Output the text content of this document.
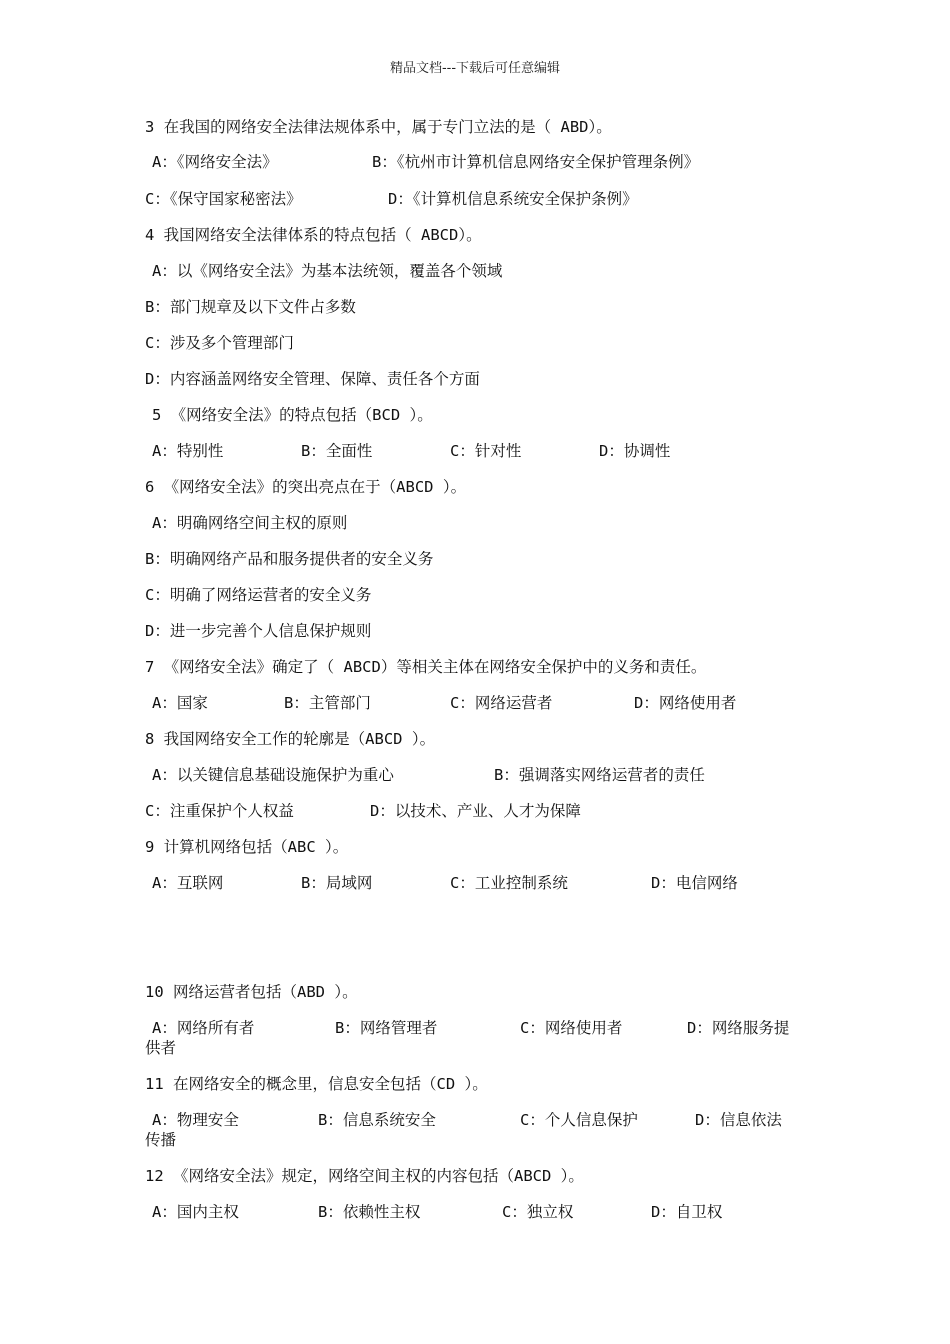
精品文档---下载后可任意编辑
3 在我国的网络安全法律法规体系中，属于专门立法的是（ ABD）。
A：《网络安全法》	B：《杭州市计算机信息网络安全保护管理条例》
C：《保守国家秘密法》	D：《计算机信息系统安全保护条例》
4 我国网络安全法律体系的特点包括（ ABCD）。
A：以《网络安全法》为基本法统领，覆盖各个领域
B：部门规章及以下文件占多数
C：涉及多个管理部门
D：内容涵盖网络安全管理、保障、责任各个方面
5 《网络安全法》的特点包括（BCD ）。
A：特别性	B：全面性	C：针对性	D：协调性
6 《网络安全法》的突出亮点在于（ABCD ）。
A：明确网络空间主权的原则
B：明确网络产品和服务提供者的安全义务
C：明确了网络运营者的安全义务
D：进一步完善个人信息保护规则
7 《网络安全法》确定了（ ABCD）等相关主体在网络安全保护中的义务和责任。
A：国家	B：主管部门	C：网络运营者	D：网络使用者
8 我国网络安全工作的轮廓是（ABCD ）。
A：以关键信息基础设施保护为重心	B：强调落实网络运营者的责任
C：注重保护个人权益	D：以技术、产业、人才为保障
9 计算机网络包括（ABC ）。
A：互联网	B：局域网	C：工业控制系统	D：电信网络
10 网络运营者包括（ABD ）。
A：网络所有者	B：网络管理者	C：网络使用者	D：网络服务提
供者
11 在网络安全的概念里，信息安全包括（CD ）。
A：物理安全	B：信息系统安全	C：个人信息保护	D：信息依法
传播
12 《网络安全法》规定，网络空间主权的内容包括（ABCD ）。
A：国内主权	B：依赖性主权	C：独立权	D：自卫权
